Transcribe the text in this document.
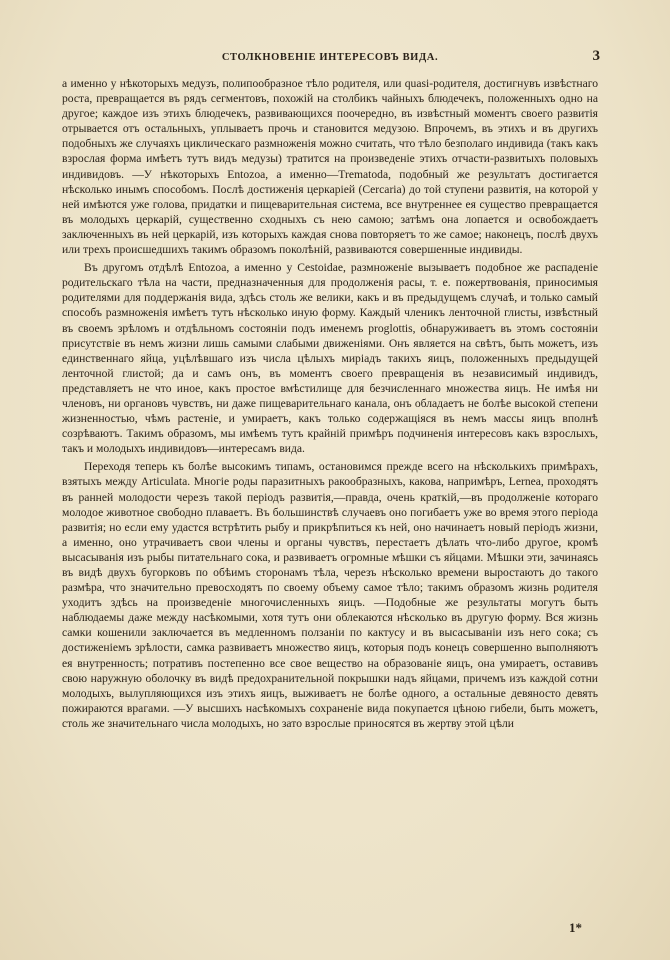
СТОЛКНОВЕНІЕ ИНТЕРЕСОВЪ ВИДА.	3

а именно у нѣкоторыхъ медузъ, полипообразное тѣло родителя, или quasi-родителя, достигнувъ извѣстнаго роста, превращается въ рядъ сегментовъ, похожій на столбикъ чайныхъ блюдечекъ, положенныхъ одно на другое; каждое изъ этихъ блюдечекъ, развивающихся поочередно, въ извѣстный моментъ своего развитія отрывается отъ остальныхъ, уплываетъ прочь и становится медузою. Впрочемъ, въ этихъ и въ другихъ подобныхъ же случаяхъ циклическаго размноженія можно считать, что тѣло безполаго индивида (такъ какъ взрослая форма имѣетъ тутъ видъ медузы) тратится на произведеніе этихъ отчасти-развитыхъ половыхъ индивидовъ. —У нѣкоторыхъ Entozoa, а именно—Trematoda, подобный же результатъ достигается нѣсколько инымъ способомъ. Послѣ достиженія церкаріей (Cercaria) до той ступени развитія, на которой у ней имѣются уже голова, придатки и пищеварительная система, все внутреннее ея существо превращается въ молодыхъ церкарій, существенно сходныхъ съ нею самою; затѣмъ она лопается и освобождаетъ заключенныхъ въ ней церкарій, изъ которыхъ каждая снова повторяетъ то же самое; наконецъ, послѣ двухъ или трехъ происшедшихъ такимъ образомъ поколѣній, развиваются совершенные индивиды.

Въ другомъ отдѣлѣ Entozoa, а именно у Cestoidae, размноженіе вызываетъ подобное же распаденіе родительскаго тѣла на части, предназначенныя для продолженія расы, т. е. пожертвованія, приносимыя родителями для поддержанія вида, здѣсь столь же велики, какъ и въ предыдущемъ случаѣ, и только самый способъ размноженія имѣетъ тутъ нѣсколько иную форму. Каждый членикъ ленточной глисты, извѣстный въ своемъ зрѣломъ и отдѣльномъ состояніи подъ именемъ proglottis, обнаруживаетъ въ этомъ состояніи присутствіе въ немъ жизни лишь самыми слабыми движеніями. Онъ является на свѣтъ, быть можетъ, изъ единственнаго яйца, уцѣлѣвшаго изъ числа цѣлыхъ миріадъ такихъ яицъ, положенныхъ предыдущей ленточной глистой; да и самъ онъ, въ моментъ своего превращенія въ независимый индивидъ, представляетъ не что иное, какъ простое вмѣстилище для безчисленнаго множества яицъ. Не имѣя ни членовъ, ни органовъ чувствъ, ни даже пищеварительнаго канала, онъ обладаетъ не болѣе высокой степени жизненностью, чѣмъ растеніе, и умираетъ, какъ только содержащіяся въ немъ массы яицъ вполнѣ созрѣваютъ. Такимъ образомъ, мы имѣемъ тутъ крайній примѣръ подчиненія интересовъ какъ взрослыхъ, такъ и молодыхъ индивидовъ—интересамъ вида.

Переходя теперь къ болѣе высокимъ типамъ, остановимся прежде всего на нѣсколькихъ примѣрахъ, взятыхъ между Articulata. Многіе роды паразитныхъ ракообразныхъ, какова, напримѣръ, Lernea, проходятъ въ ранней молодости черезъ такой періодъ развитія,—правда, очень краткій,—въ продолженіе котораго молодое животное свободно плаваетъ. Въ большинствѣ случаевъ оно погибаетъ уже во время этого періода развитія; но если ему удастся встрѣтить рыбу и прикрѣпиться къ ней, оно начинаетъ новый періодъ жизни, а именно, оно утрачиваетъ свои члены и органы чувствъ, перестаетъ дѣлать что-либо другое, кромѣ высасыванія изъ рыбы питательнаго сока, и развиваетъ огромные мѣшки съ яйцами. Мѣшки эти, зачинаясь въ видѣ двухъ бугорковъ по обѣимъ сторонамъ тѣла, черезъ нѣсколько времени выростаютъ до такого размѣра, что значительно превосходятъ по своему объему самое тѣло; такимъ образомъ жизнь родителя уходитъ здѣсь на произведеніе многочисленныхъ яицъ. —Подобные же результаты могутъ быть наблюдаемы даже между насѣкомыми, хотя тутъ они облекаются нѣсколько въ другую форму. Вся жизнь самки кошенили заключается въ медленномъ ползаніи по кактусу и въ высасываніи изъ него сока; съ достиженіемъ зрѣлости, самка развиваетъ множество яицъ, которыя подъ конецъ совершенно выполняютъ ея внутренность; потративъ постепенно все свое вещество на образованіе яицъ, она умираетъ, оставивъ свою наружную оболочку въ видѣ предохранительной покрышки надъ яйцами, причемъ изъ каждой сотни молодыхъ, вылупляющихся изъ этихъ яицъ, выживаетъ не болѣе одного, а остальные девяносто девять пожираются врагами. —У высшихъ насѣкомыхъ сохраненіе вида покупается цѣною гибели, быть можетъ, столь же значительнаго числа молодыхъ, но зато взрослые приносятся въ жертву этой цѣли

1*
